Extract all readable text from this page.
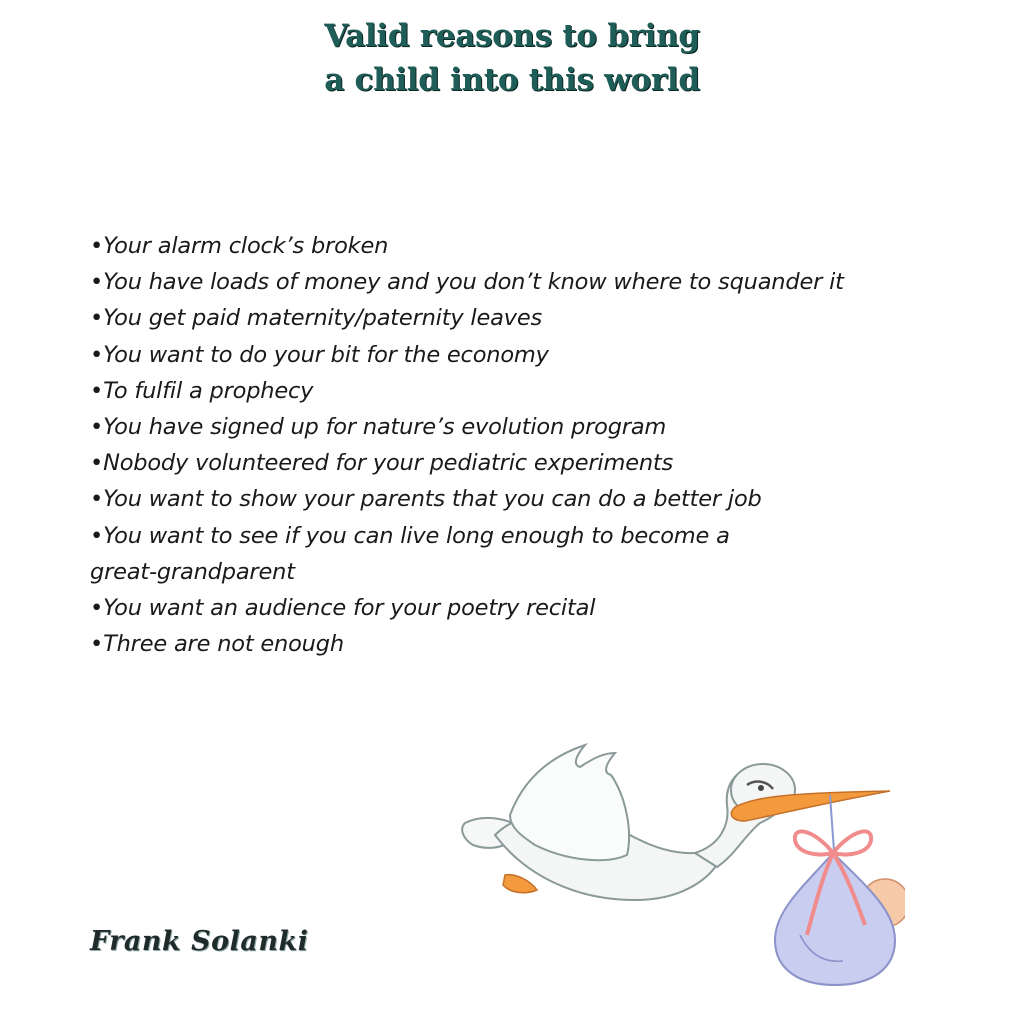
Valid reasons to bring
a child into this world
•Your alarm clock’s broken
•You have loads of money and you don’t know where to squander it
•You get paid maternity/paternity leaves
•You want to do your bit for the economy
•To fulfil a prophecy
•You have signed up for nature’s evolution program
•Nobody volunteered for your pediatric experiments
•You want to show your parents that you can do a better job
•You want to see if you can live long enough to become a great-grandparent
•You want an audience for your poetry recital
•Three are not enough
Frank Solanki
